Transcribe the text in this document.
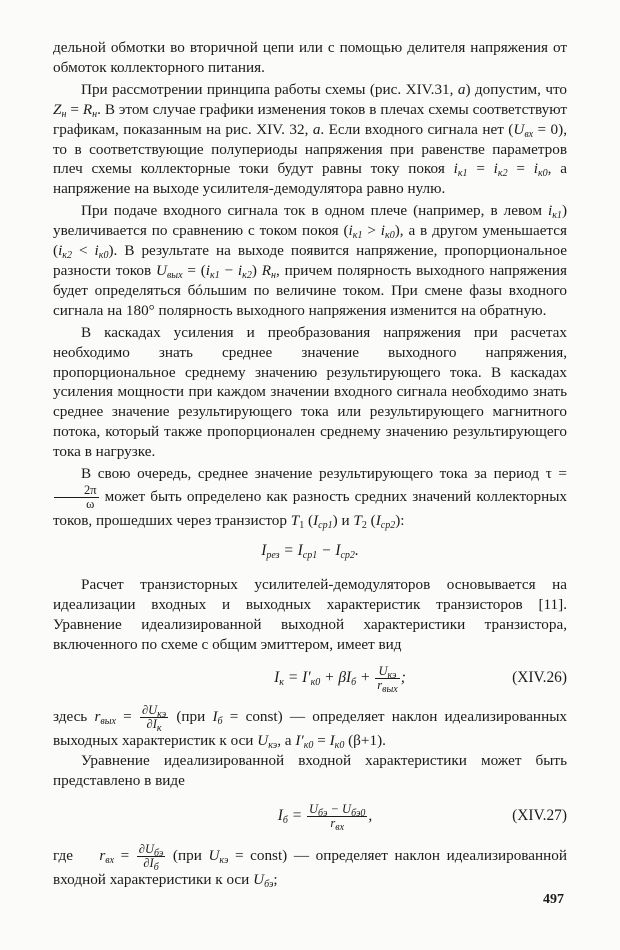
дельной обмотки во вторичной цепи или с помощью делителя напряжения от обмоток коллекторного питания.

При рассмотрении принципа работы схемы (рис. XIV.31, а) допустим, что $Z_н = R_н$. В этом случае графики изменения токов в плечах схемы соответствуют графикам, показанным на рис. XIV. 32, а. Если входного сигнала нет $(U_{вх} = 0)$, то в соответствующие полупериоды напряжения при равенстве параметров плеч схемы коллекторные токи будут равны току покоя $i_{к1} = i_{к2} = i_{к0}$, а напряжение на выходе усилителя-демодулятора равно нулю.

При подаче входного сигнала ток в одном плече (например, в левом $i_{к1}$) увеличивается по сравнению с током покоя $(i_{к1} > i_{к0})$, а в другом уменьшается $(i_{к2} < i_{к0})$. В результате на выходе появится напряжение, пропорциональное разности токов $U_{вых} = (i_{к1} - i_{к2})$ $R_н$, причем полярность выходного напряжения будет определяться бóльшим по величине током. При смене фазы входного сигнала на 180° полярность выходного напряжения изменится на обратную.

В каскадах усиления и преобразования напряжения при расчетах необходимо знать среднее значение выходного напряжения, пропорциональное среднему значению результирующего тока. В каскадах усиления мощности при каждом значении входного сигнала необходимо знать среднее значение результирующего тока или результирующего магнитного потока, который также пропорционален среднему значению результирующего тока в нагрузке.

В свою очередь, среднее значение результирующего тока за период τ =
$\frac{2\pi}{\omega}$ может быть определено как разность средних значений коллекторных токов, прошедших через транзистор $T_1$ $(I_{ср1})$ и $T_2$ $(I_{ср2})$:

$I_{рез} = I_{ср1} - I_{ср2}$.

Расчет транзисторных усилителей-демодуляторов основывается на идеализации входных и выходных характеристик транзисторов [11]. Уравнение идеализированной выходной характеристики транзистора, включенного по схеме с общим эмиттером, имеет вид

$I_к = I'_{к0} + \beta I_б + \frac{U_{кэ}}{r_{вых}}$ ;	(XIV.26)

здесь $r_{вых} = \frac{\partial U_{кэ}}{\partial I_к} (при$ $I_б$ = const) — определяет наклон идеализированных выходных характеристик к оси $U_{кэ}$, а $I'_{к0} = I_{к0}$ (β+1).

Уравнение идеализированной входной характеристики может быть представлено в виде

$I_б = \frac{U_{бэ} - U_{бэ0}}{r_{вх}}$ ,	(XIV.27)

где    $r_{вх} = \frac{\partial U_{бэ}}{\partial I_б} (при$ $U_{кэ}$ = const) — определяет наклон идеализированной входной характеристики к оси $U_{бэ}$;

497
